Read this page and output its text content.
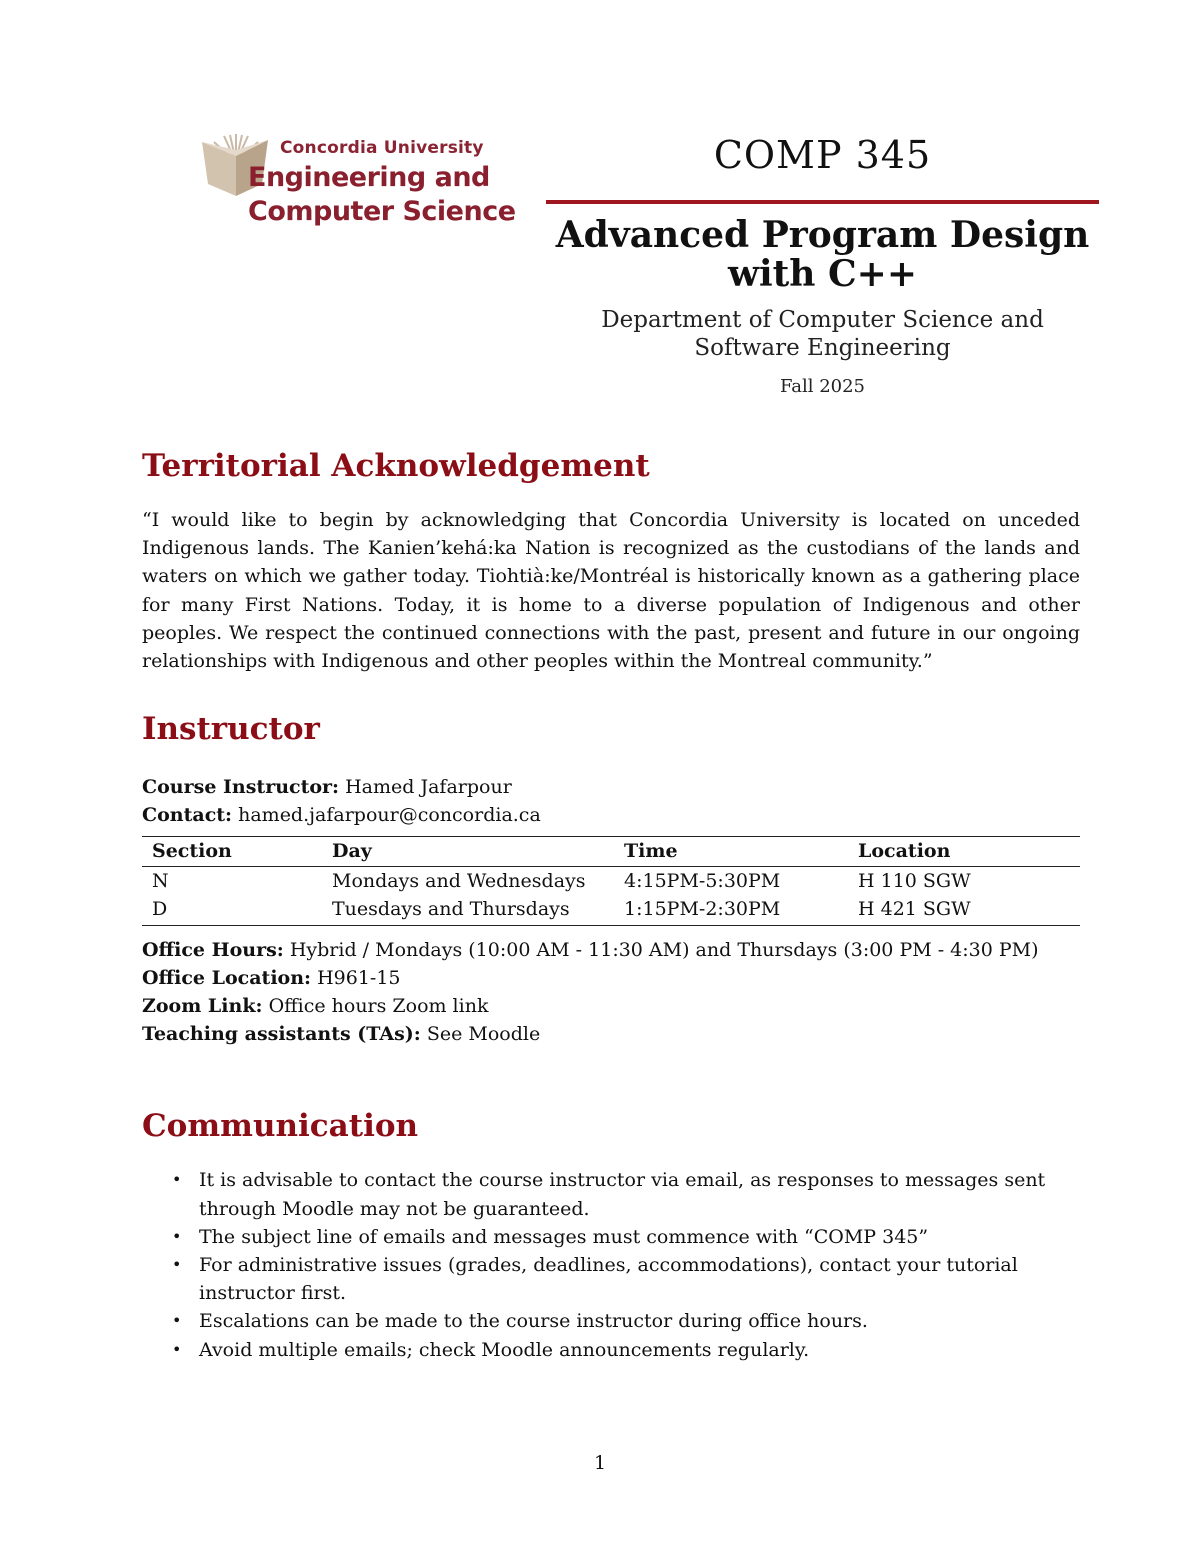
Concordia University
Engineering and
Computer Science
COMP 345
Advanced Program Design with C++
Department of Computer Science and Software Engineering
Fall 2025
Territorial Acknowledgement

“I would like to begin by acknowledging that Concordia University is located on unceded Indigenous lands. The Kanien’kehá:ka Nation is recognized as the custodians of the lands and waters on which we gather today. Tiohtià:ke/Montréal is historically known as a gathering place for many First Nations. Today, it is home to a diverse population of Indigenous and other peoples. We respect the continued connections with the past, present and future in our ongoing relationships with Indigenous and other peoples within the Montreal community.”

Instructor
Course Instructor: Hamed Jafarpour
Contact: hamed.jafarpour@concordia.ca
Section	Day	Time	Location
N	Mondays and Wednesdays	4:15PM-5:30PM	H 110 SGW
D	Tuesdays and Thursdays	1:15PM-2:30PM	H 421 SGW
Office Hours: Hybrid / Mondays (10:00 AM - 11:30 AM) and Thursdays (3:00 PM - 4:30 PM)
Office Location: H961-15
Zoom Link: Office hours Zoom link
Teaching assistants (TAs): See Moodle
Communication
• It is advisable to contact the course instructor via email, as responses to messages sent through Moodle may not be guaranteed.
• The subject line of emails and messages must commence with “COMP 345”
• For administrative issues (grades, deadlines, accommodations), contact your tutorial instructor first.
• Escalations can be made to the course instructor during office hours.
• Avoid multiple emails; check Moodle announcements regularly.
1
